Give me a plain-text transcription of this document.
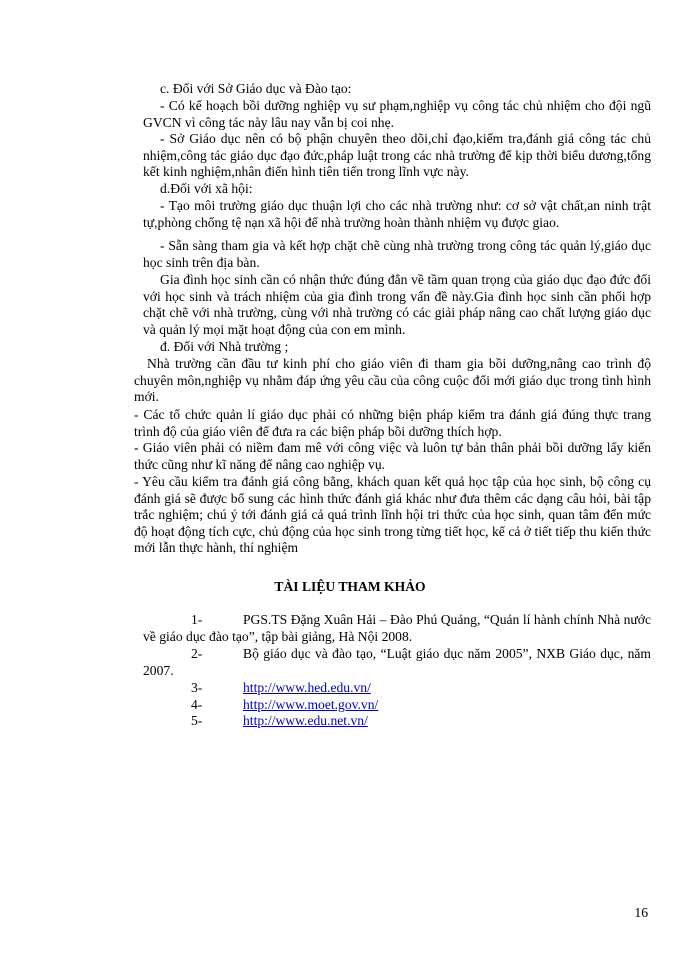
c. Đối với Sở Giáo dục và Đào tạo:

- Có kế hoạch bồi dưỡng nghiệp vụ sư phạm,nghiệp vụ công tác chủ nhiệm cho đội ngũ GVCN vì công tác này lâu nay vẫn bị coi nhẹ.

- Sở Giáo dục nên có bộ phận chuyên theo dõi,chỉ đạo,kiểm tra,đánh giá công tác chủ nhiệm,công tác giáo dục đạo đức,pháp luật trong các nhà trường để kịp thời biểu dương,tổng kết kinh nghiệm,nhân điển hình tiên tiến trong lĩnh vực này.

d.Đối với xã hội:

- Tạo môi trường giáo dục thuận lợi cho các nhà trường như: cơ sở vật chất,an ninh trật tự,phòng chống tệ nạn xã hội để nhà trường hoàn thành nhiệm vụ được giao.

- Sẵn sàng tham gia và kết hợp chặt chẽ cùng nhà trường trong công tác quản lý,giáo dục học sinh trên địa bàn.

Gia đình học sinh cần có nhận thức đúng đắn về tầm quan trọng của giáo dục đạo đức đối với học sinh và trách nhiệm của gia đình trong vấn đề này.Gia đình học sinh cần phối hợp chặt chẽ với nhà trường, cùng với nhà trường có các giải pháp nâng cao chất lượng giáo dục và quản lý mọi mặt hoạt động của con em mình.

đ. Đối với Nhà trường ;

Nhà trường cần đầu tư kinh phí cho giáo viên đi tham gia bồi dưỡng,nâng cao trình độ chuyên môn,nghiệp vụ nhằm đáp ứng yêu cầu của công cuộc đổi mới giáo dục trong tình hình mới.

- Các tổ chức quản lí giáo dục phải có những biện pháp kiểm tra đánh giá đúng thực trang trình độ của giáo viên để đưa ra các biện pháp bồi dưỡng thích hợp.

- Giáo viên phải có niềm đam mê với công việc và luôn tự bản thân phải bồi dưỡng lấy kiến thức cũng như kĩ năng để nâng cao nghiệp vụ.

- Yêu cầu kiểm tra đánh giá công bằng, khách quan kết quả học tập của học sinh, bộ công cụ đánh giá sẽ được bổ sung các hình thức đánh giá khác như đưa thêm các dạng câu hỏi, bài tập trắc nghiệm; chú ý tới đánh giá cả quá trình lĩnh hội tri thức của học sinh, quan tâm đến mức độ hoạt động tích cực, chủ động của học sinh trong từng tiết học, kể cả ở tiết tiếp thu kiến thức mới lẫn thực hành, thí nghiệm

TÀI LIỆU THAM KHẢO

1-	PGS.TS Đặng Xuân Hải – Đào Phú Quảng, “Quản lí hành chính Nhà nước về giáo dục đào tạo”, tập bài giảng, Hà Nội 2008.

2-	Bộ giáo dục và đào tạo, “Luật giáo dục năm 2005”, NXB Giáo dục, năm 2007.

3-	http://www.hed.edu.vn/
4-	http://www.moet.gov.vn/
5-	http://www.edu.net.vn/
16
